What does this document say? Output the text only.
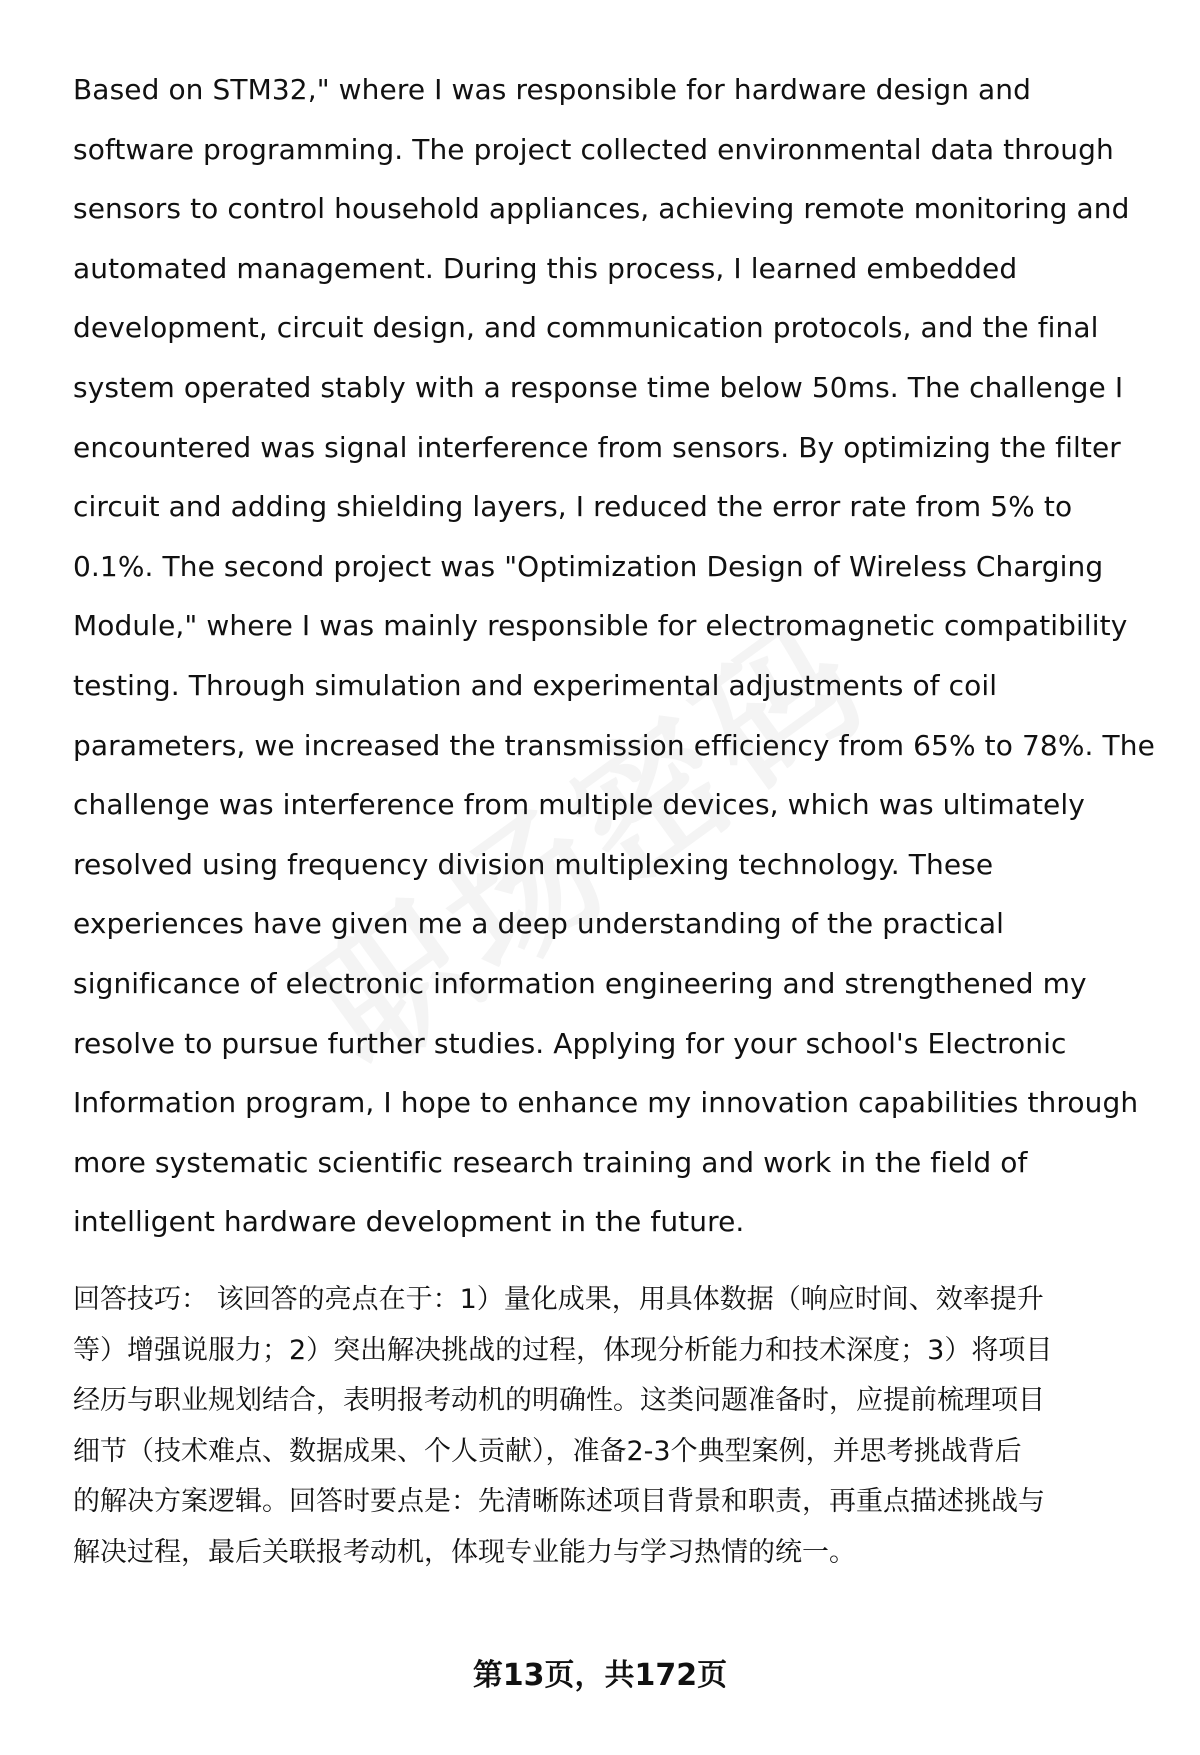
Based on STM32," where I was responsible for hardware design and
software programming. The project collected environmental data through
sensors to control household appliances, achieving remote monitoring and
automated management. During this process, I learned embedded
development, circuit design, and communication protocols, and the final
system operated stably with a response time below 50ms. The challenge I
encountered was signal interference from sensors. By optimizing the filter
circuit and adding shielding layers, I reduced the error rate from 5% to
0.1%. The second project was "Optimization Design of Wireless Charging
Module," where I was mainly responsible for electromagnetic compatibility
testing. Through simulation and experimental adjustments of coil
parameters, we increased the transmission efficiency from 65% to 78%. The
challenge was interference from multiple devices, which was ultimately
resolved using frequency division multiplexing technology. These
experiences have given me a deep understanding of the practical
significance of electronic information engineering and strengthened my
resolve to pursue further studies. Applying for your school's Electronic
Information program, I hope to enhance my innovation capabilities through
more systematic scientific research training and work in the field of
intelligent hardware development in the future.
回答技巧： 该回答的亮点在于：1）量化成果，用具体数据（响应时间、效率提升
等）增强说服力；2）突出解决挑战的过程，体现分析能力和技术深度；3）将项目
经历与职业规划结合，表明报考动机的明确性。这类问题准备时，应提前梳理项目
细节（技术难点、数据成果、个人贡献），准备2-3个典型案例，并思考挑战背后
的解决方案逻辑。回答时要点是：先清晰陈述项目背景和职责，再重点描述挑战与
解决过程，最后关联报考动机，体现专业能力与学习热情的统一。
第13页，共172页
